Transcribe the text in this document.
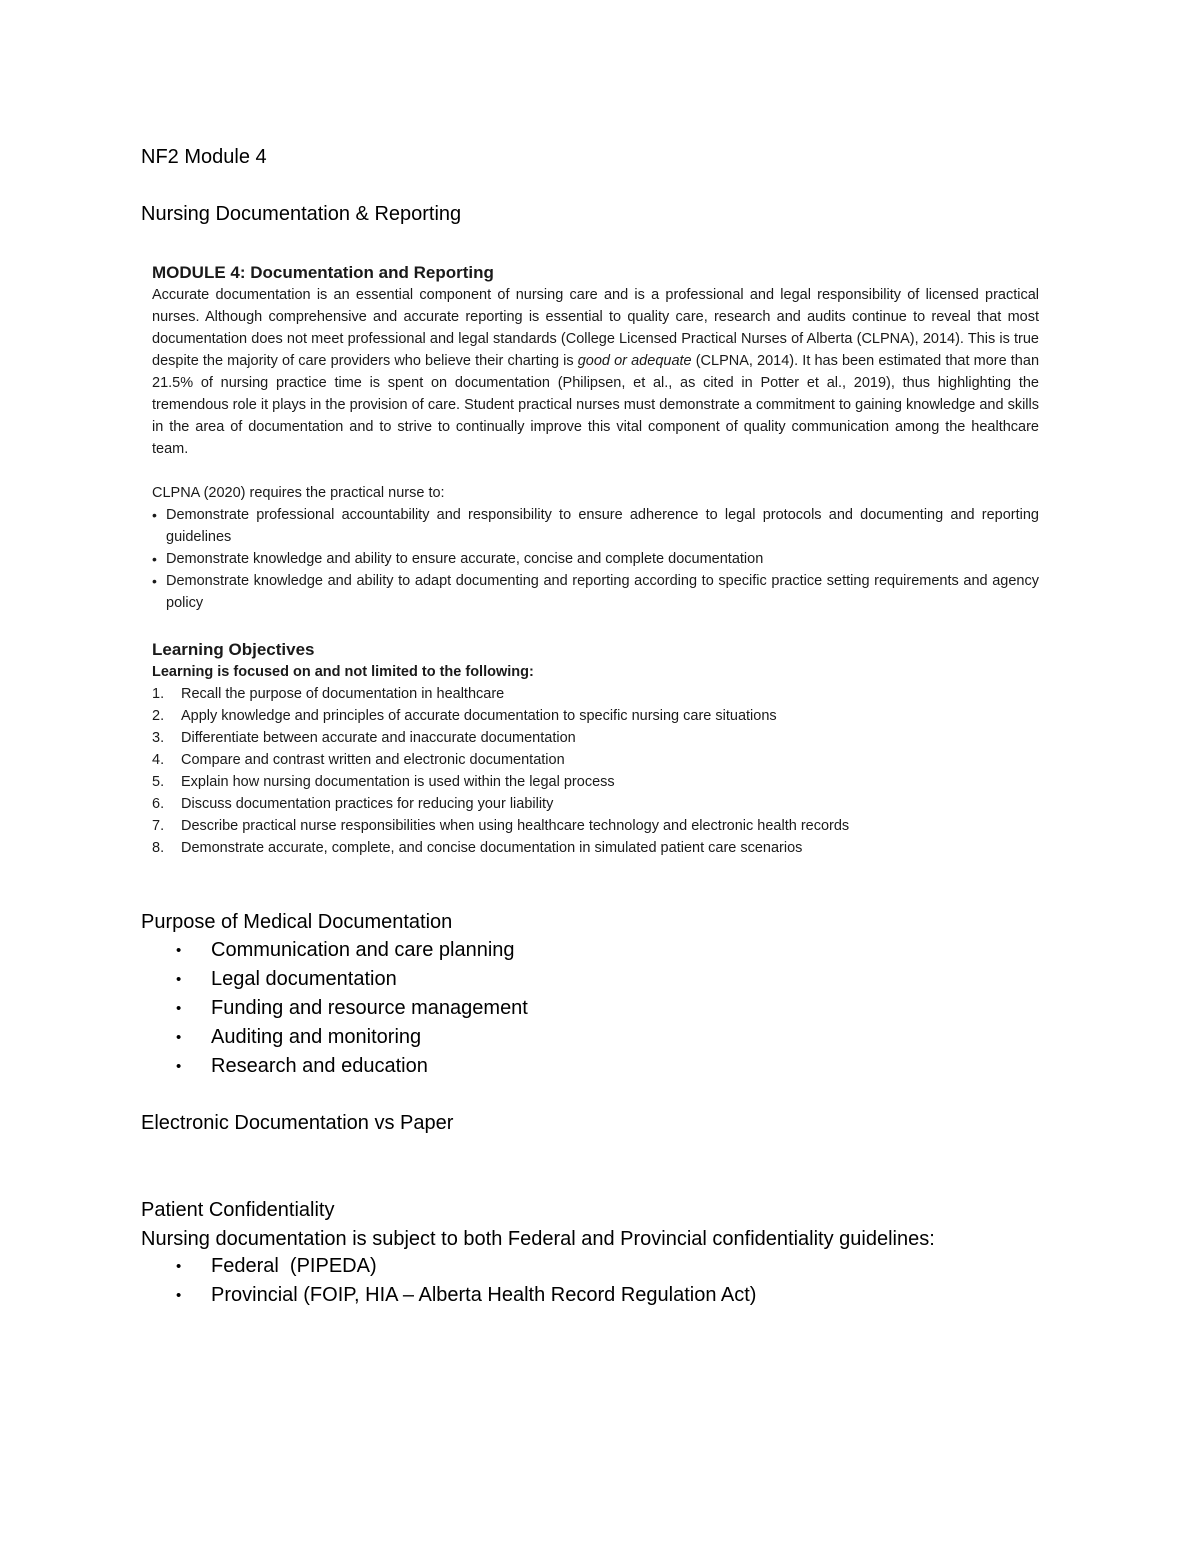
NF2 Module 4
Nursing Documentation & Reporting

MODULE 4: Documentation and Reporting

Accurate documentation is an essential component of nursing care and is a professional and legal responsibility of licensed practical nurses. Although comprehensive and accurate reporting is essential to quality care, research and audits continue to reveal that most documentation does not meet professional and legal standards (College Licensed Practical Nurses of Alberta (CLPNA), 2014). This is true despite the majority of care providers who believe their charting is good or adequate (CLPNA, 2014). It has been estimated that more than 21.5% of nursing practice time is spent on documentation (Philipsen, et al., as cited in Potter et al., 2019), thus highlighting the tremendous role it plays in the provision of care. Student practical nurses must demonstrate a commitment to gaining knowledge and skills in the area of documentation and to strive to continually improve this vital component of quality communication among the healthcare team.

CLPNA (2020) requires the practical nurse to:

• Demonstrate professional accountability and responsibility to ensure adherence to legal protocols and documenting and reporting guidelines
• Demonstrate knowledge and ability to ensure accurate, concise and complete documentation
• Demonstrate knowledge and ability to adapt documenting and reporting according to specific practice setting requirements and agency policy

Learning Objectives

Learning is focused on and not limited to the following:

1.	Recall the purpose of documentation in healthcare
2.	Apply knowledge and principles of accurate documentation to specific nursing care situations
3.	Differentiate between accurate and inaccurate documentation
4.	Compare and contrast written and electronic documentation
5.	Explain how nursing documentation is used within the legal process
6.	Discuss documentation practices for reducing your liability
7.	Describe practical nurse responsibilities when using healthcare technology and electronic health records
8.	Demonstrate accurate, complete, and concise documentation in simulated patient care scenarios
Purpose of Medical Documentation
•	Communication and care planning
•	Legal documentation
•	Funding and resource management
•	Auditing and monitoring
•	Research and education
Electronic Documentation vs Paper
Patient Confidentiality
Nursing documentation is subject to both Federal and Provincial confidentiality guidelines:
•	Federal  (PIPEDA)
•	Provincial (FOIP, HIA – Alberta Health Record Regulation Act)
